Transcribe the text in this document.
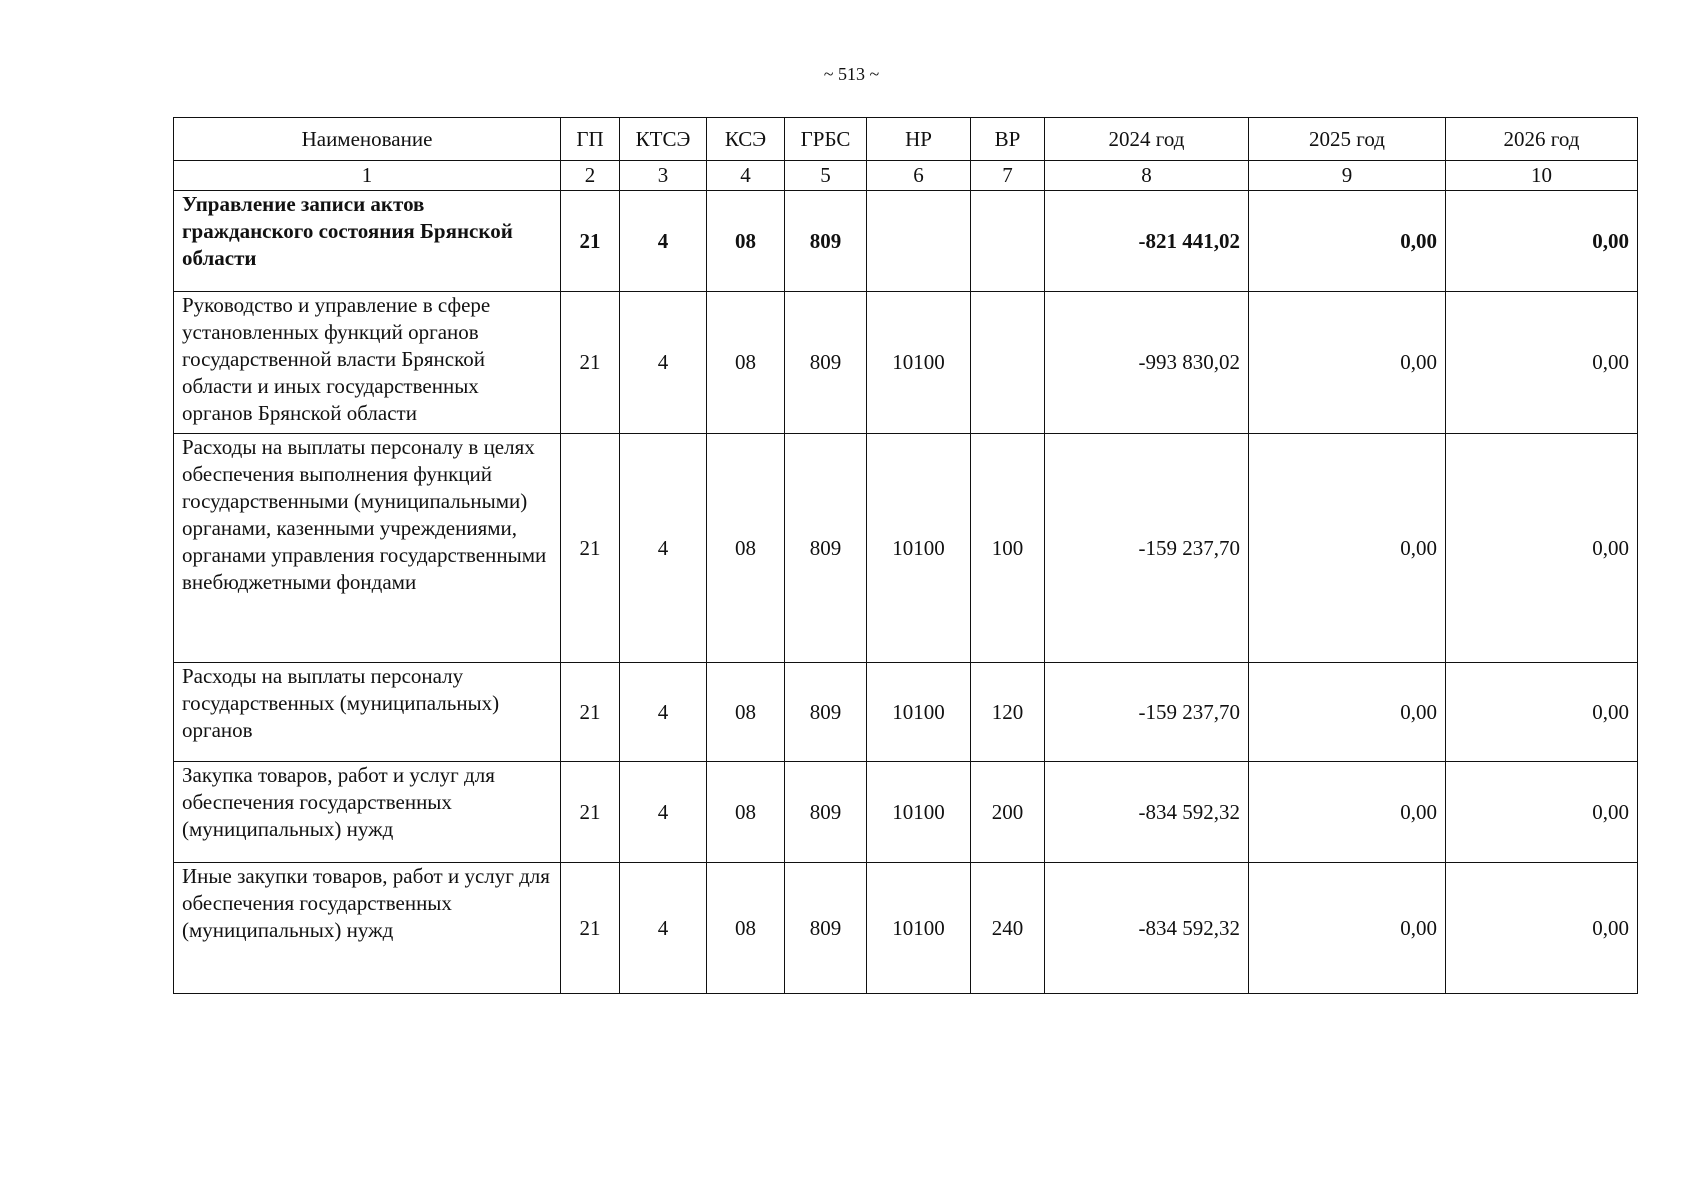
~ 513 ~
Наименование	ГП	КТСЭ	КСЭ	ГРБС	НР	ВР	2024 год	2025 год	2026 год
1	2	3	4	5	6	7	8	9	10
Управление записи актов гражданского состояния Брянской области	21	4	08	809			-821 441,02	0,00	0,00
Руководство и управление в сфере установленных функций органов государственной власти Брянской области и иных государственных органов Брянской области	21	4	08	809	10100		-993 830,02	0,00	0,00
Расходы на выплаты персоналу в целях обеспечения выполнения функций государственными (муниципальными) органами, казенными учреждениями, органами управления государственными внебюджетными фондами	21	4	08	809	10100	100	-159 237,70	0,00	0,00
Расходы на выплаты персоналу государственных (муниципальных) органов	21	4	08	809	10100	120	-159 237,70	0,00	0,00
Закупка товаров, работ и услуг для обеспечения государственных (муниципальных) нужд	21	4	08	809	10100	200	-834 592,32	0,00	0,00
Иные закупки товаров, работ и услуг для обеспечения государственных (муниципальных) нужд	21	4	08	809	10100	240	-834 592,32	0,00	0,00
